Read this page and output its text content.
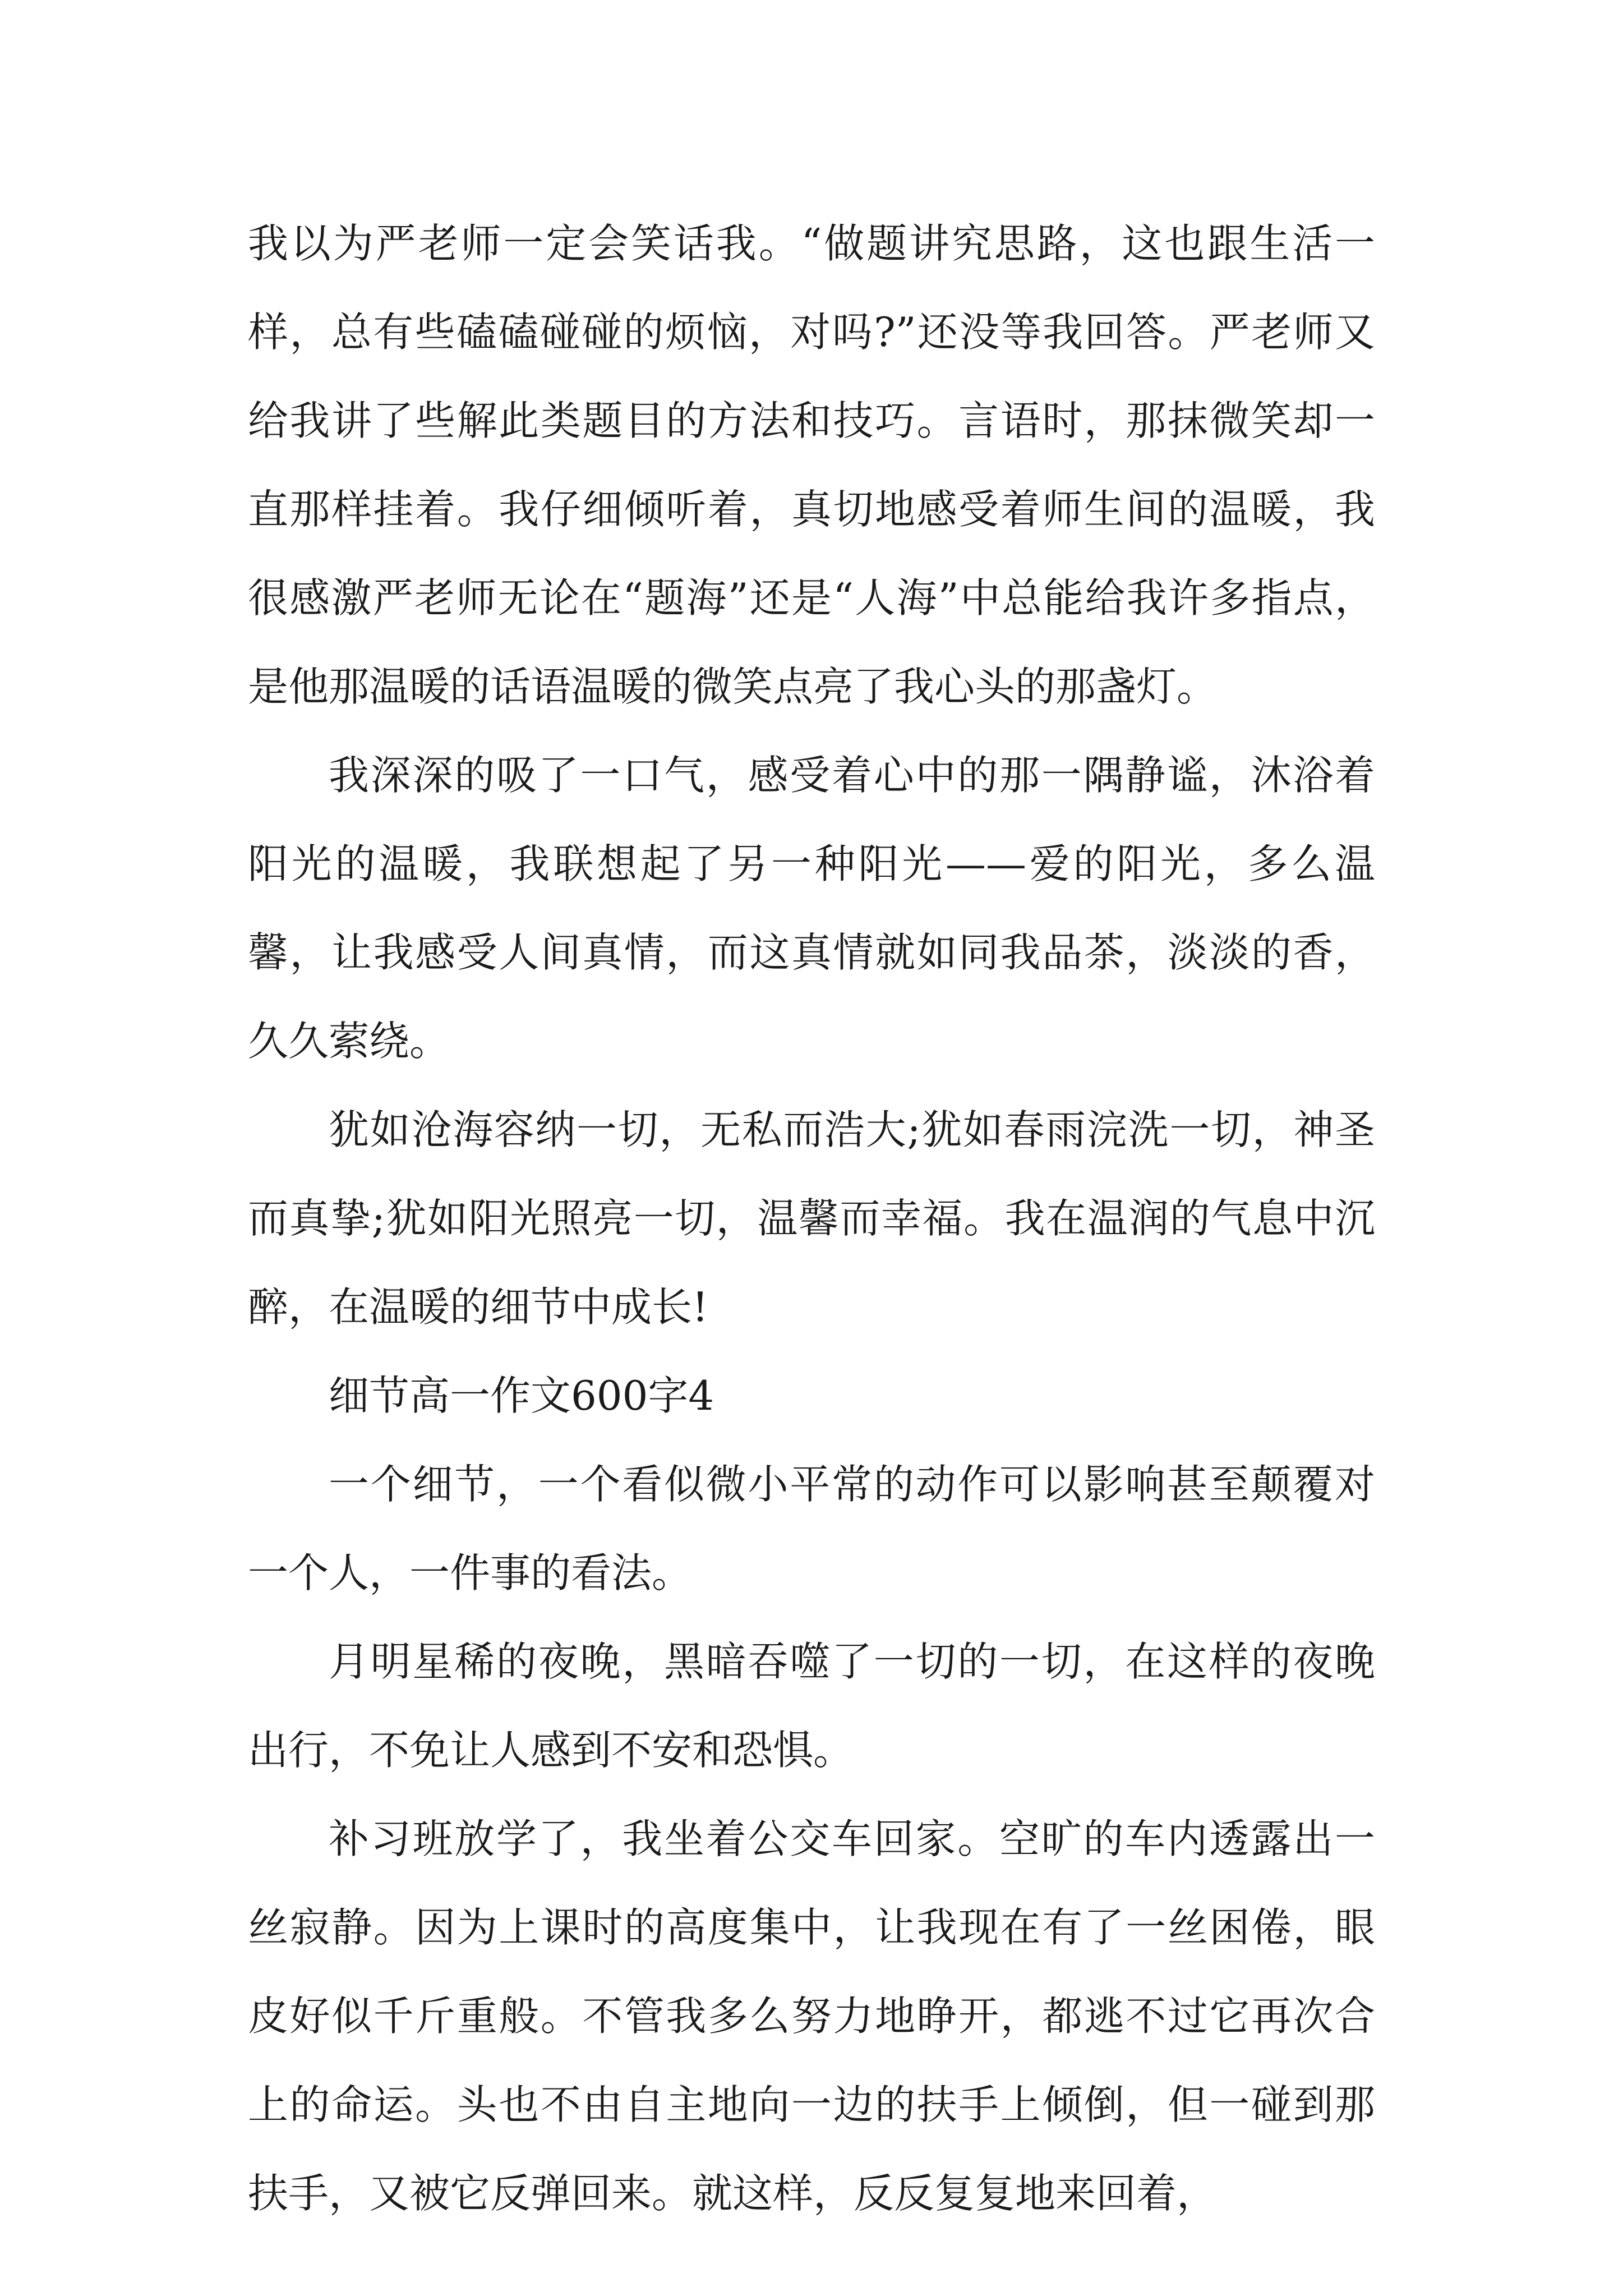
我以为严老师一定会笑话我。“做题讲究思路，这也跟生活一样，总有些磕磕碰碰的烦恼，对吗?”还没等我回答。严老师又给我讲了些解此类题目的方法和技巧。言语时，那抹微笑却一直那样挂着。我仔细倾听着，真切地感受着师生间的温暖，我很感激严老师无论在“题海”还是“人海”中总能给我许多指点，是他那温暖的话语温暖的微笑点亮了我心头的那盏灯。

我深深的吸了一口气，感受着心中的那一隅静谧，沐浴着阳光的温暖，我联想起了另一种阳光——爱的阳光，多么温馨，让我感受人间真情，而这真情就如同我品茶，淡淡的香，久久萦绕。

犹如沧海容纳一切，无私而浩大;犹如春雨浣洗一切，神圣而真挚;犹如阳光照亮一切，温馨而幸福。我在温润的气息中沉醉，在温暖的细节中成长!

细节高一作文600字4

一个细节，一个看似微小平常的动作可以影响甚至颠覆对一个人，一件事的看法。

月明星稀的夜晚，黑暗吞噬了一切的一切，在这样的夜晚出行，不免让人感到不安和恐惧。

补习班放学了，我坐着公交车回家。空旷的车内透露出一丝寂静。因为上课时的高度集中，让我现在有了一丝困倦，眼皮好似千斤重般。不管我多么努力地睁开，都逃不过它再次合上的命运。头也不由自主地向一边的扶手上倾倒，但一碰到那扶手，又被它反弹回来。就这样，反反复复地来回着，
